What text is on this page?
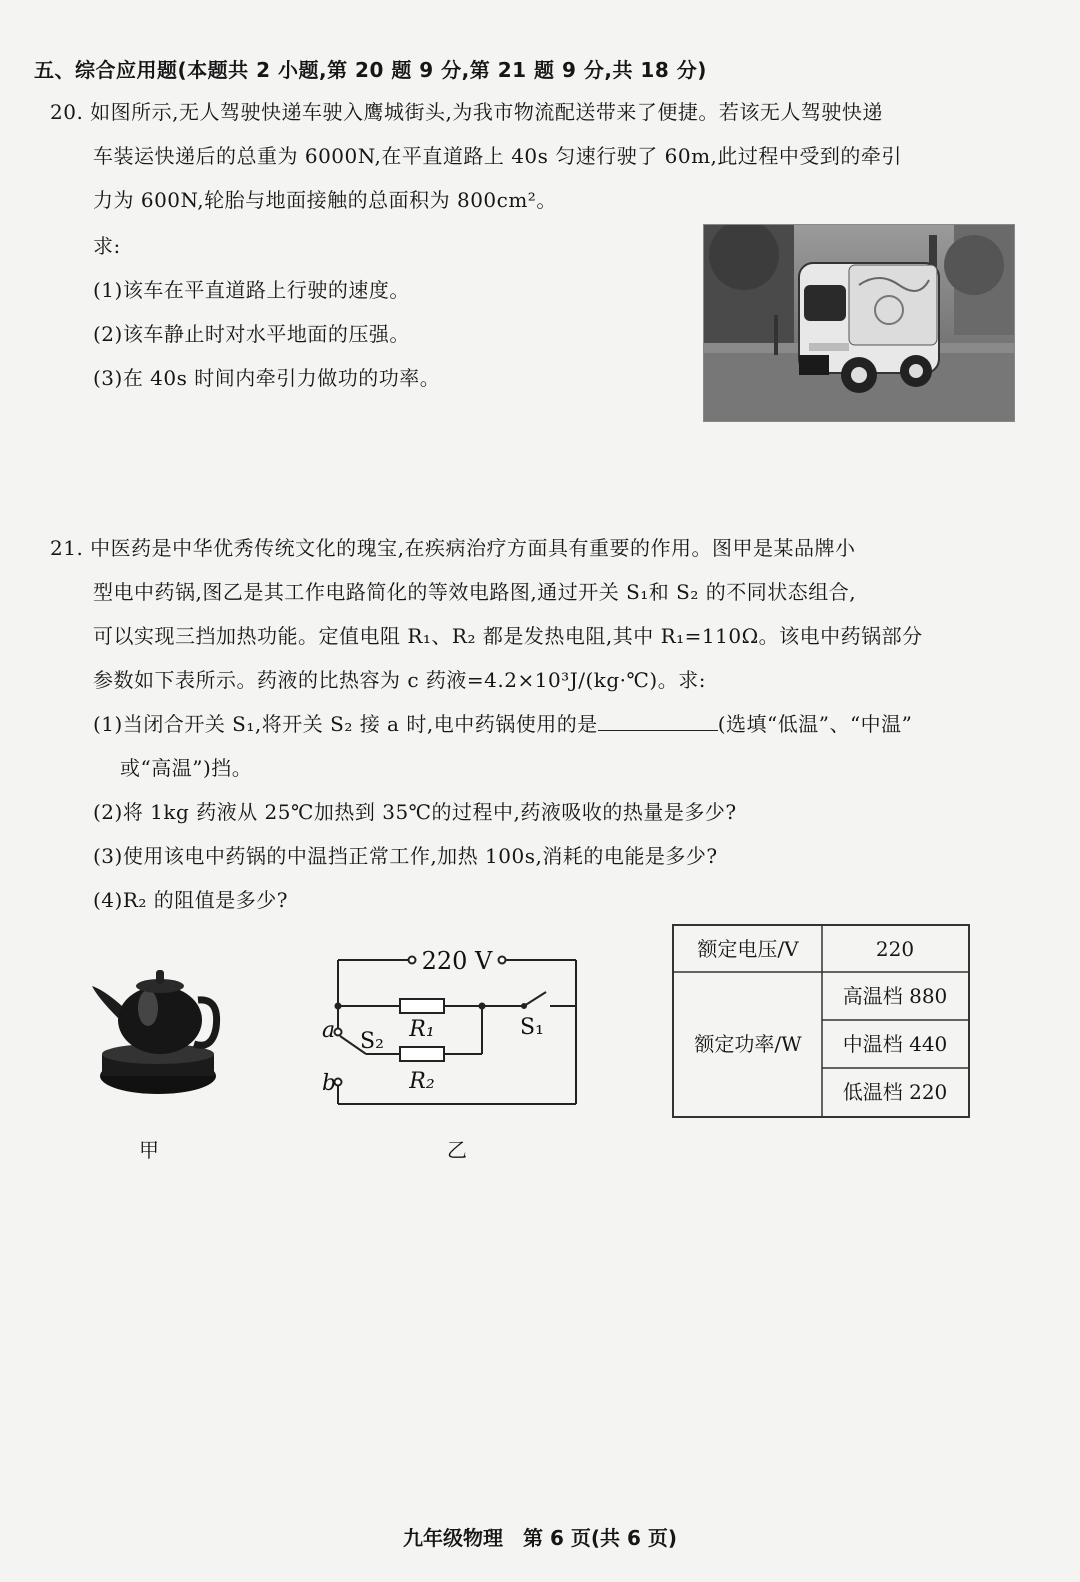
五、综合应用题(本题共 2 小题,第 20 题 9 分,第 21 题 9 分,共 18 分)
20. 如图所示,无人驾驶快递车驶入鹰城街头,为我市物流配送带来了便捷。若该无人驾驶快递
车装运快递后的总重为 6000N,在平直道路上 40s 匀速行驶了 60m,此过程中受到的牵引
力为 600N,轮胎与地面接触的总面积为 800cm²。
求:
(1)该车在平直道路上行驶的速度。
(2)该车静止时对水平地面的压强。
(3)在 40s 时间内牵引力做功的功率。
21. 中医药是中华优秀传统文化的瑰宝,在疾病治疗方面具有重要的作用。图甲是某品牌小
型电中药锅,图乙是其工作电路简化的等效电路图,通过开关 S₁和 S₂ 的不同状态组合,
可以实现三挡加热功能。定值电阻 R₁、R₂ 都是发热电阻,其中 R₁=110Ω。该电中药锅部分
参数如下表所示。药液的比热容为 c 药液=4.2×10³J/(kg·℃)。求:
(1)当闭合开关 S₁,将开关 S₂ 接 a 时,电中药锅使用的是	(选填“低温”、“中温”
或“高温”)挡。
(2)将 1kg 药液从 25℃加热到 35℃的过程中,药液吸收的热量是多少?
(3)使用该电中药锅的中温挡正常工作,加热 100s,消耗的电能是多少?
(4)R₂ 的阻值是多少?
甲
220 V
R₁
R₂
S₁
S₂
a
b
乙
额定电压/V	220
额定功率/W
高温档 880
中温档 440
低温档 220
九年级物理　第 6 页(共 6 页)
